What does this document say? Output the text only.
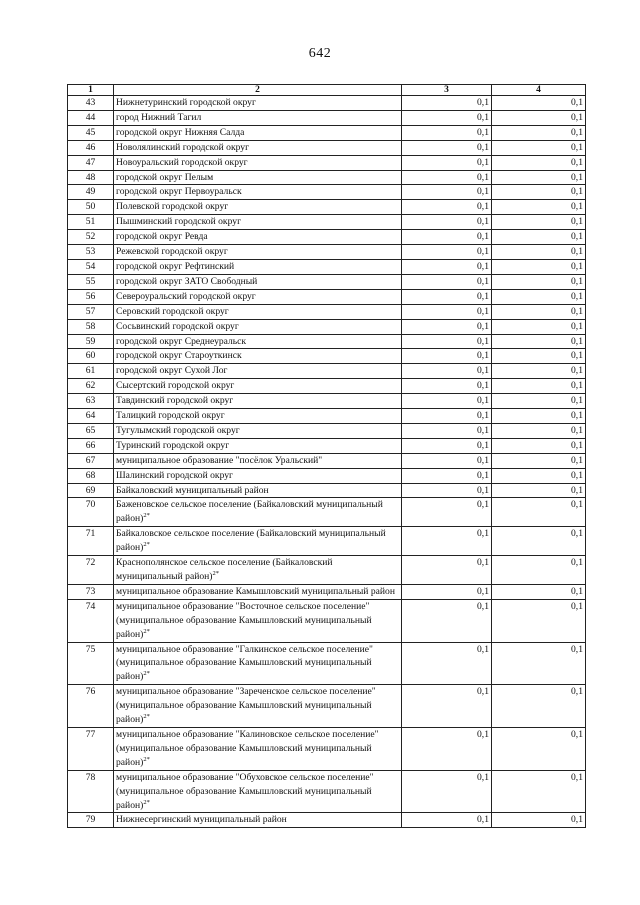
642
1	2	3	4
43	Нижнетуринский городской округ	0,1	0,1
44	город Нижний Тагил	0,1	0,1
45	городской округ Нижняя Салда	0,1	0,1
46	Новолялинский городской округ	0,1	0,1
47	Новоуральский городской округ	0,1	0,1
48	городской округ Пелым	0,1	0,1
49	городской округ Первоуральск	0,1	0,1
50	Полевской городской округ	0,1	0,1
51	Пышминский городской округ	0,1	0,1
52	городской округ Ревда	0,1	0,1
53	Режевской городской округ	0,1	0,1
54	городской округ Рефтинский	0,1	0,1
55	городской округ ЗАТО Свободный	0,1	0,1
56	Североуральский городской округ	0,1	0,1
57	Серовский городской округ	0,1	0,1
58	Сосьвинский городской округ	0,1	0,1
59	городской округ Среднеуральск	0,1	0,1
60	городской округ Староуткинск	0,1	0,1
61	городской округ Сухой Лог	0,1	0,1
62	Сысертский городской округ	0,1	0,1
63	Тавдинский городской округ	0,1	0,1
64	Талицкий городской округ	0,1	0,1
65	Тугулымский городской округ	0,1	0,1
66	Туринский городской округ	0,1	0,1
67	муниципальное образование "посёлок Уральский"	0,1	0,1
68	Шалинский городской округ	0,1	0,1
69	Байкаловский муниципальный район	0,1	0,1
70	Баженовское сельское поселение (Байкаловский муниципальный район)$^{2*}$	0,1	0,1
71	Байкаловское сельское поселение (Байкаловский муниципальный район)$^{2*}$	0,1	0,1
72	Краснополянское сельское поселение (Байкаловский муниципальный район)$^{2*}$	0,1	0,1
73	муниципальное образование Камышловский муниципальный район	0,1	0,1
74	муниципальное образование "Восточное сельское поселение" (муниципальное образование Камышловский муниципальный район)$^{2*}$	0,1	0,1
75	муниципальное образование "Галкинское сельское поселение" (муниципальное образование Камышловский муниципальный район)$^{2*}$	0,1	0,1
76	муниципальное образование "Зареченское сельское поселение" (муниципальное образование Камышловский муниципальный район)$^{2*}$	0,1	0,1
77	муниципальное образование "Калиновское сельское поселение" (муниципальное образование Камышловский муниципальный район)$^{2*}$	0,1	0,1
78	муниципальное образование "Обуховское сельское поселение" (муниципальное образование Камышловский муниципальный район)$^{2*}$	0,1	0,1
79	Нижнесергинский муниципальный район	0,1	0,1
